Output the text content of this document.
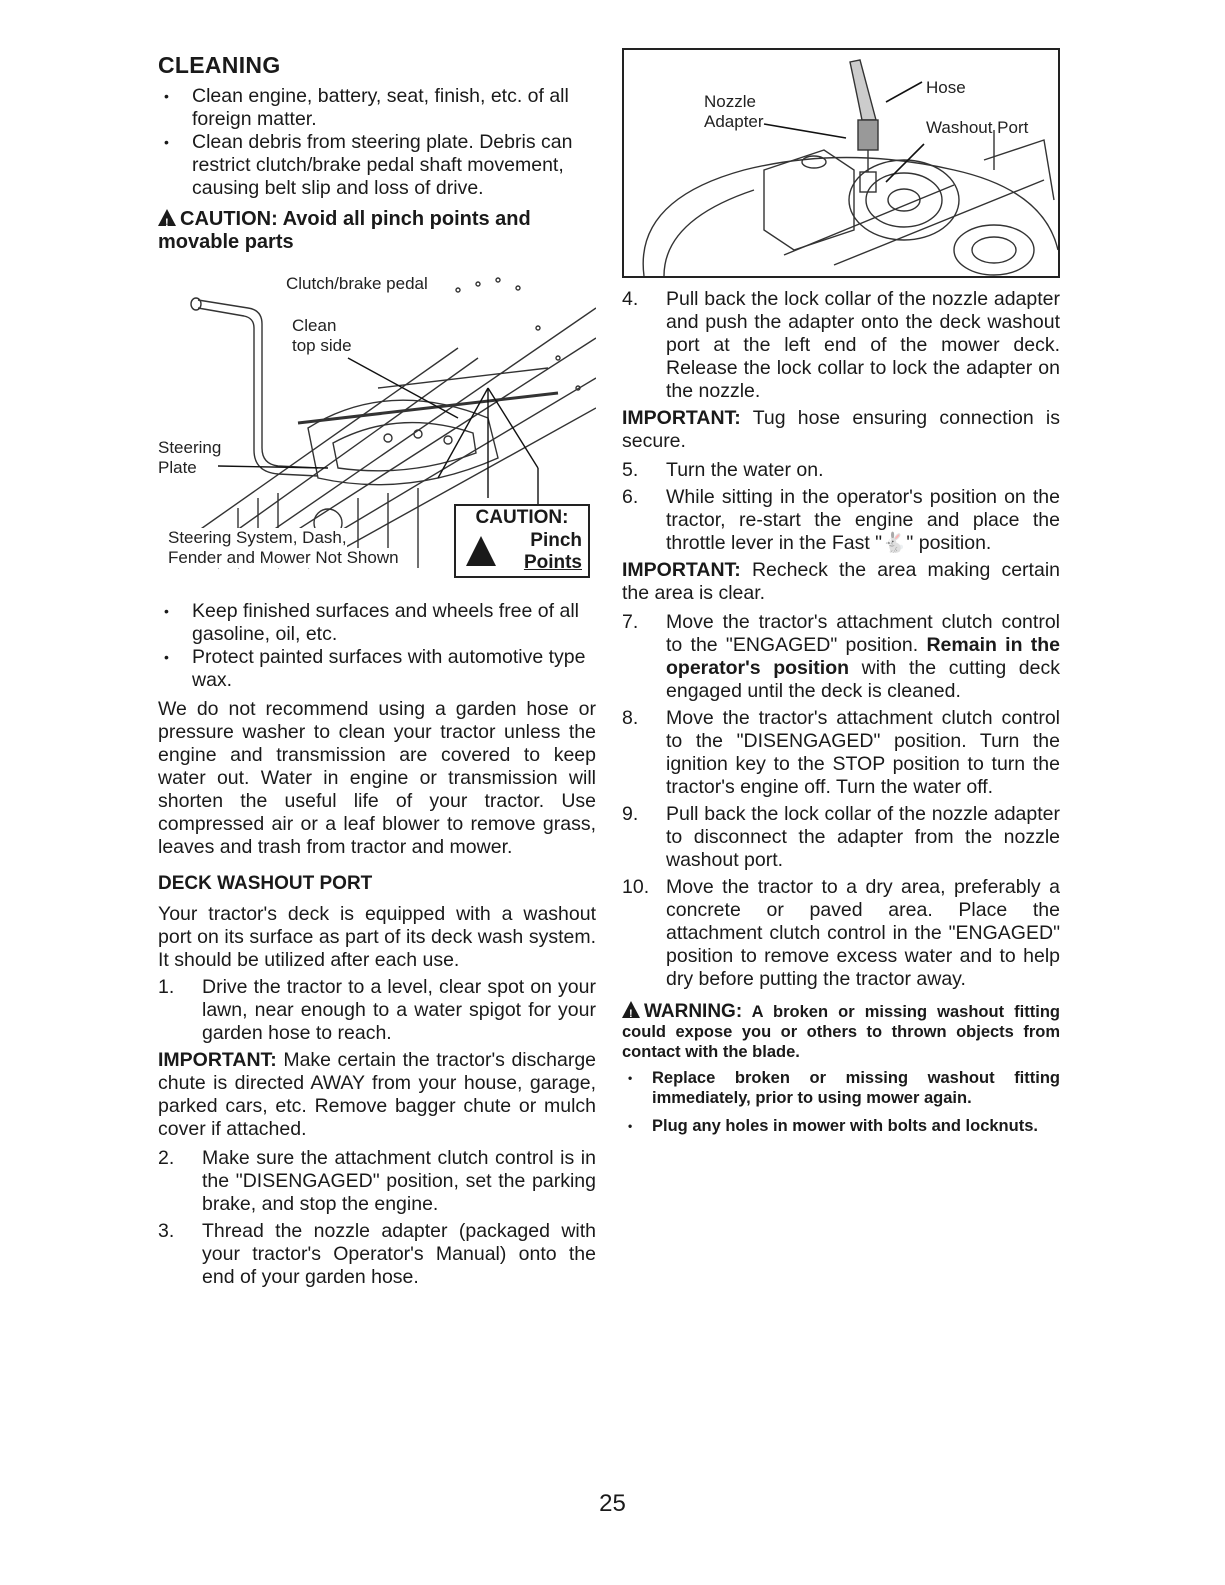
CLEANING
• Clean engine, battery, seat, finish, etc. of all foreign matter.
• Clean debris from steering plate. Debris can restrict clutch/brake pedal shaft movement, causing belt slip and loss of drive.
!CAUTION: Avoid all pinch points and movable parts
Clutch/brake pedal
Clean
top side
Steering
Plate
Steering System, Dash,
Fender and Mower Not Shown
CAUTION:
Pinch
Points
• Keep finished surfaces and wheels free of all gasoline, oil, etc.
• Protect painted surfaces with automotive type wax.

We do not recommend using a garden hose or pressure washer to clean your tractor unless the engine and transmission are covered to keep water out. Water in engine or transmission will shorten the useful life of your tractor. Use compressed air or a leaf blower to remove grass, leaves and trash from tractor and mower.

DECK WASHOUT PORT

Your tractor's deck is equipped with a washout port on its surface as part of its deck wash system. It should be utilized after each use.

1. Drive the tractor to a level, clear spot on your lawn, near enough to a water spigot for your garden hose to reach.

IMPORTANT: Make certain the tractor's discharge chute is directed AWAY from your house, garage, parked cars, etc. Remove bagger chute or mulch cover if attached.

2. Make sure the attachment clutch control is in the "DISENGAGED" position, set the parking brake, and stop the engine.
3. Thread the nozzle adapter (packaged with your tractor's Operator's Manual) onto the end of your garden hose.
Nozzle
Adapter
Hose
Washout Port
4. Pull back the lock collar of the nozzle adapter and push the adapter onto the deck washout port at the left end of the mower deck. Release the lock collar to lock the adapter on the nozzle.

IMPORTANT: Tug hose ensuring connection is secure.

5. Turn the water on.
6. While sitting in the operator's position on the tractor, re-start the engine and place the throttle lever in the Fast "🐇" position.

IMPORTANT: Recheck the area making certain the area is clear.

7. Move the tractor's attachment clutch control to the "ENGAGED" position. Remain in the operator's position with the cutting deck engaged until the deck is cleaned.
8. Move the tractor's attachment clutch control to the "DISENGAGED" position. Turn the ignition key to the STOP position to turn the tractor's engine off. Turn the water off.
9. Pull back the lock collar of the nozzle adapter to disconnect the adapter from the nozzle washout port.
10. Move the tractor to a dry area, preferably a concrete or paved area. Place the attachment clutch control in the "ENGAGED" position to remove excess water and to help dry before putting the tractor away.
!WARNING: A broken or missing washout fitting could expose you or others to thrown objects from contact with the blade.
• Replace broken or missing washout fitting immediately, prior to using mower again.
• Plug any holes in mower with bolts and locknuts.
25
